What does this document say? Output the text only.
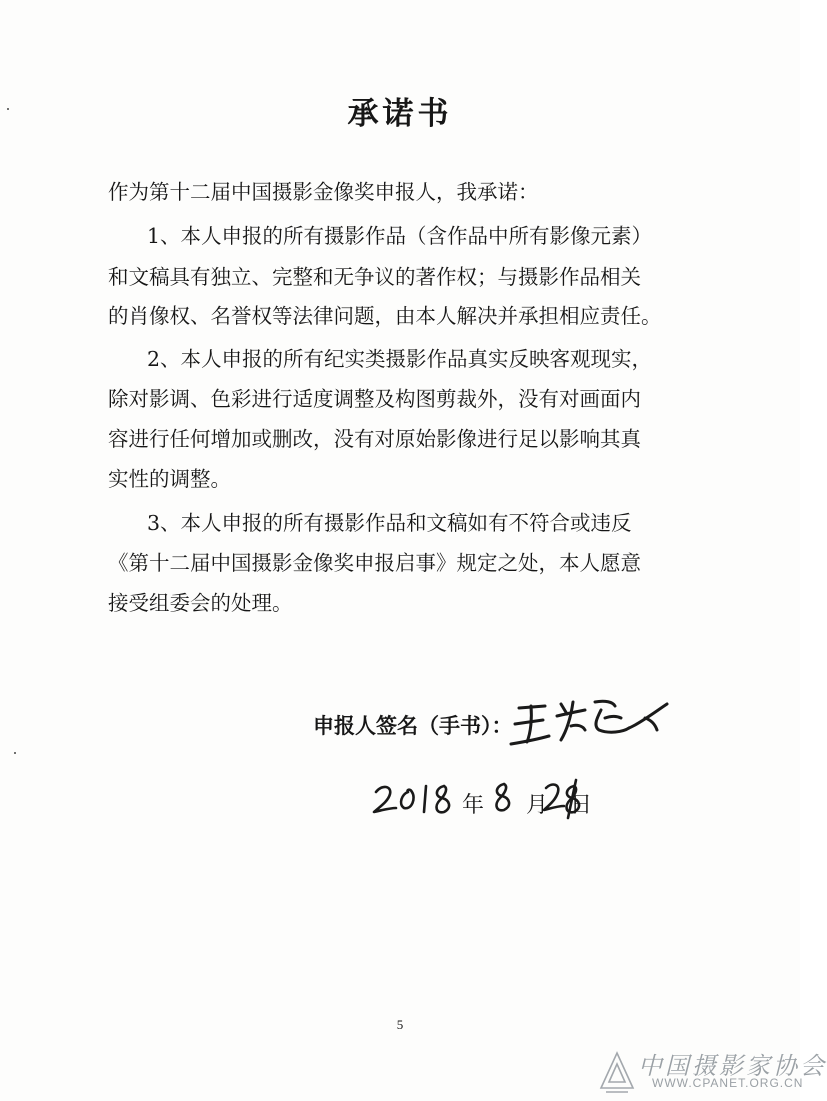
承诺书
作为第十二届中国摄影金像奖申报人，我承诺：
1、本人申报的所有摄影作品（含作品中所有影像元素）
和文稿具有独立、完整和无争议的著作权；与摄影作品相关
的肖像权、名誉权等法律问题，由本人解决并承担相应责任。
2、本人申报的所有纪实类摄影作品真实反映客观现实，
除对影调、色彩进行适度调整及构图剪裁外，没有对画面内
容进行任何增加或删改，没有对原始影像进行足以影响其真
实性的调整。
3、本人申报的所有摄影作品和文稿如有不符合或违反
《第十二届中国摄影金像奖申报启事》规定之处，本人愿意
接受组委会的处理。
申报人签名（手书）：
年 月 日
5
中国摄影家协会
WWW.CPANET.ORG.CN
